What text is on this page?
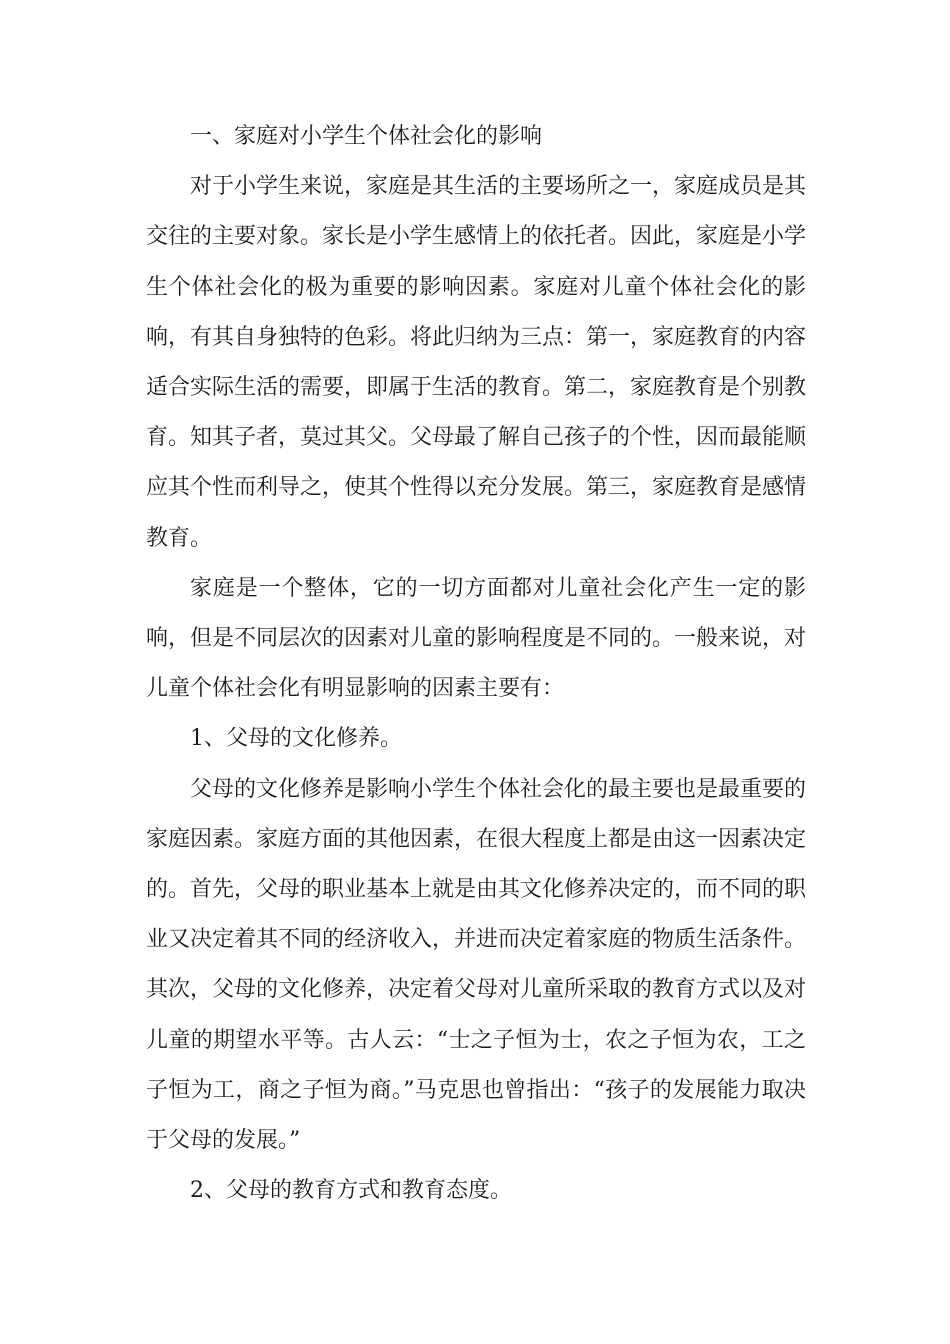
一、家庭对小学生个体社会化的影响

对于小学生来说，家庭是其生活的主要场所之一，家庭成员是其交往的主要对象。家长是小学生感情上的依托者。因此，家庭是小学生个体社会化的极为重要的影响因素。家庭对儿童个体社会化的影响，有其自身独特的色彩。将此归纳为三点：第一，家庭教育的内容适合实际生活的需要，即属于生活的教育。第二，家庭教育是个别教育。知其子者，莫过其父。父母最了解自己孩子的个性，因而最能顺应其个性而利导之，使其个性得以充分发展。第三，家庭教育是感情教育。

家庭是一个整体，它的一切方面都对儿童社会化产生一定的影响，但是不同层次的因素对儿童的影响程度是不同的。一般来说，对儿童个体社会化有明显影响的因素主要有：

1、父母的文化修养。

父母的文化修养是影响小学生个体社会化的最主要也是最重要的家庭因素。家庭方面的其他因素，在很大程度上都是由这一因素决定的。首先，父母的职业基本上就是由其文化修养决定的，而不同的职业又决定着其不同的经济收入，并进而决定着家庭的物质生活条件。其次，父母的文化修养，决定着父母对儿童所采取的教育方式以及对儿童的期望水平等。古人云：“士之子恒为士，农之子恒为农，工之子恒为工，商之子恒为商。”马克思也曾指出：“孩子的发展能力取决于父母的发展。”

2、父母的教育方式和教育态度。
